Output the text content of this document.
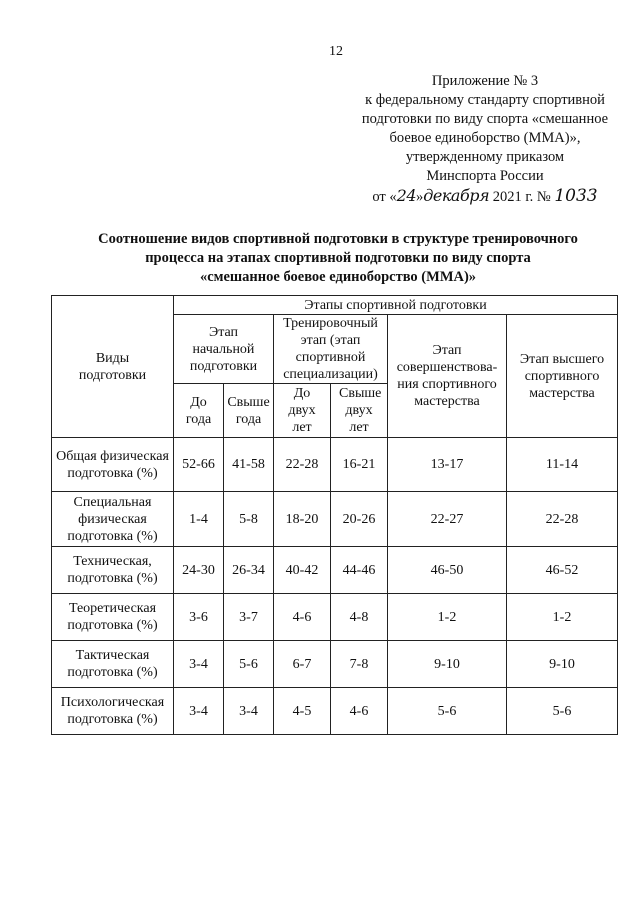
12
Приложение № 3
к федеральному стандарту спортивной
подготовки по виду спорта «смешанное
боевое единоборство (ММА)»,
утвержденному приказом
Минспорта России
от «24»декабря 2021 г. № 1033
Соотношение видов спортивной подготовки в структуре тренировочного
процесса на этапах спортивной подготовки по виду спорта
«смешанное боевое единоборство (ММА)»
Виды подготовки	Этапы спортивной подготовки					
	Этап начальной подготовки		Тренировочный этап (этап спортивной специализации)		Этап совершенствова-ния спортивного мастерства	Этап высшего спортивного мастерства
	До года	Свыше года	До двух лет	Свыше двух лет		
Общая физическая подготовка (%)	52-66	41-58	22-28	16-21	13-17	11-14
Специальная физическая подготовка (%)	1-4	5-8	18-20	20-26	22-27	22-28
Техническая, подготовка (%)	24-30	26-34	40-42	44-46	46-50	46-52
Теоретическая подготовка (%)	3-6	3-7	4-6	4-8	1-2	1-2
Тактическая подготовка (%)	3-4	5-6	6-7	7-8	9-10	9-10
Психологическая подготовка (%)	3-4	3-4	4-5	4-6	5-6	5-6
